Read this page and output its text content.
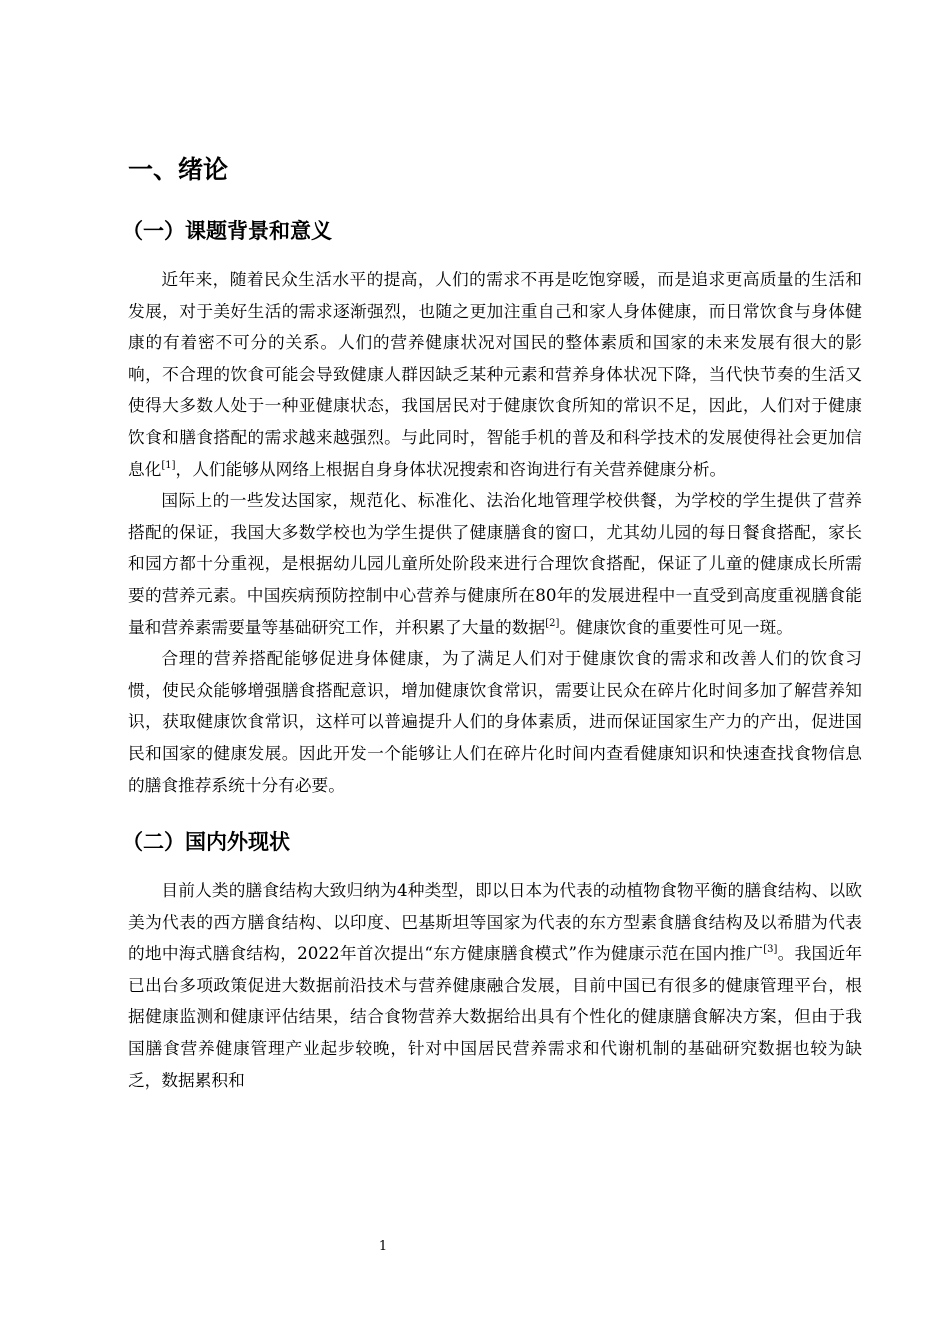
一、绪论
（一）课题背景和意义

近年来，随着民众生活水平的提高，人们的需求不再是吃饱穿暖，而是追求更高质量的生活和发展，对于美好生活的需求逐渐强烈，也随之更加注重自己和家人身体健康，而日常饮食与身体健康的有着密不可分的关系。人们的营养健康状况对国民的整体素质和国家的未来发展有很大的影响，不合理的饮食可能会导致健康人群因缺乏某种元素和营养身体状况下降，当代快节奏的生活又使得大多数人处于一种亚健康状态，我国居民对于健康饮食所知的常识不足，因此，人们对于健康饮食和膳食搭配的需求越来越强烈。与此同时，智能手机的普及和科学技术的发展使得社会更加信息化[1]，人们能够从网络上根据自身身体状况搜索和咨询进行有关营养健康分析。

国际上的一些发达国家，规范化、标准化、法治化地管理学校供餐，为学校的学生提供了营养搭配的保证，我国大多数学校也为学生提供了健康膳食的窗口，尤其幼儿园的每日餐食搭配，家长和园方都十分重视，是根据幼儿园儿童所处阶段来进行合理饮食搭配，保证了儿童的健康成长所需要的营养元素。中国疾病预防控制中心营养与健康所在80年的发展进程中一直受到高度重视膳食能量和营养素需要量等基础研究工作，并积累了大量的数据[2]。健康饮食的重要性可见一斑。

合理的营养搭配能够促进身体健康，为了满足人们对于健康饮食的需求和改善人们的饮食习惯，使民众能够增强膳食搭配意识，增加健康饮食常识，需要让民众在碎片化时间多加了解营养知识，获取健康饮食常识，这样可以普遍提升人们的身体素质，进而保证国家生产力的产出，促进国民和国家的健康发展。因此开发一个能够让人们在碎片化时间内查看健康知识和快速查找食物信息的膳食推荐系统十分有必要。

（二）国内外现状

目前人类的膳食结构大致归纳为4种类型，即以日本为代表的动植物食物平衡的膳食结构、以欧美为代表的西方膳食结构、以印度、巴基斯坦等国家为代表的东方型素食膳食结构及以希腊为代表的地中海式膳食结构，2022年首次提出“东方健康膳食模式”作为健康示范在国内推广[3]。我国近年已出台多项政策促进大数据前沿技术与营养健康融合发展，目前中国已有很多的健康管理平台，根据健康监测和健康评估结果，结合食物营养大数据给出具有个性化的健康膳食解决方案，但由于我国膳食营养健康管理产业起步较晚，针对中国居民营养需求和代谢机制的基础研究数据也较为缺乏，数据累积和

1
